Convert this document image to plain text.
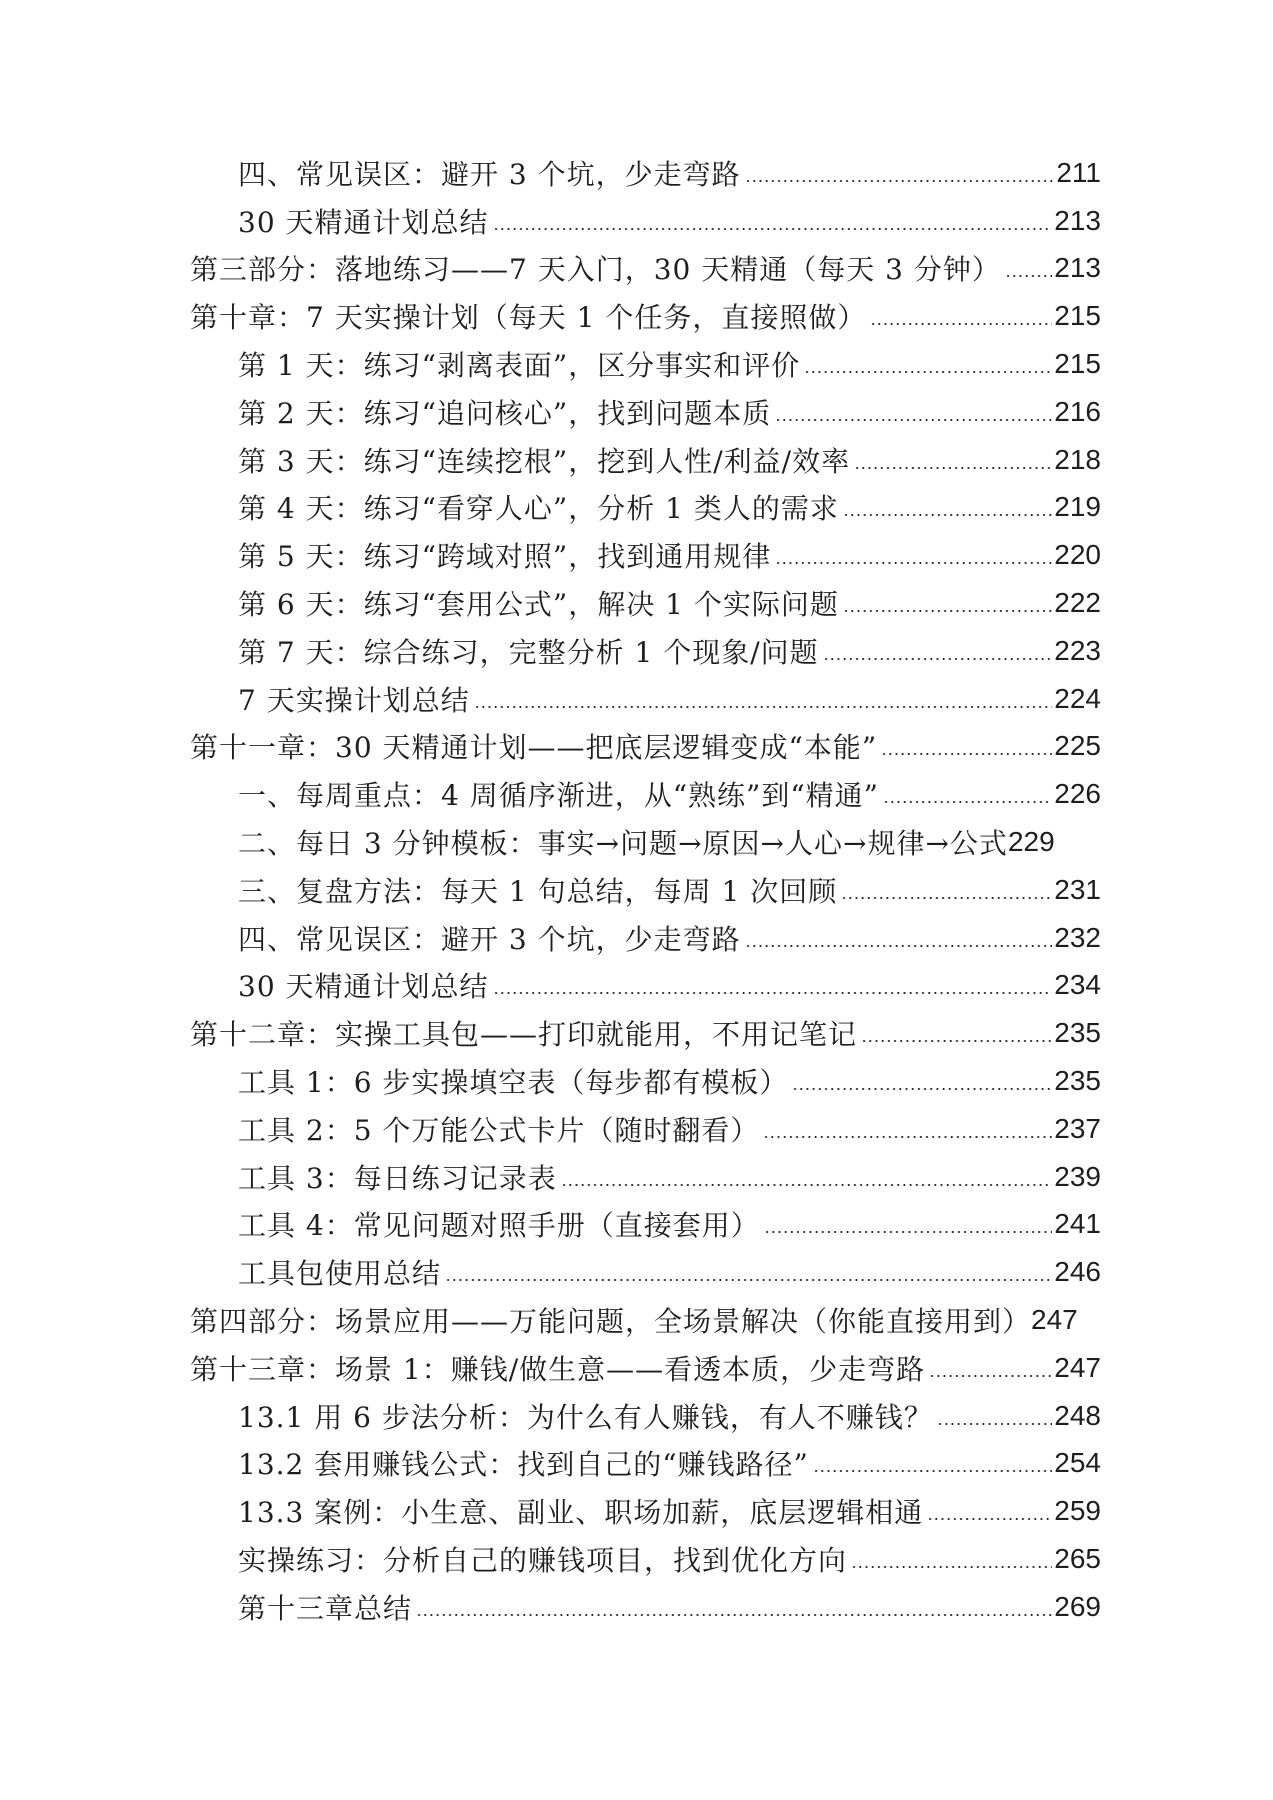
四、常见误区：避开 3 个坑，少走弯路	211
30 天精通计划总结	213
第三部分：落地练习——7 天入门，30 天精通（每天 3 分钟） 213
第十章：7 天实操计划（每天 1 个任务，直接照做）	215
第 1 天：练习“剥离表面”，区分事实和评价	215
第 2 天：练习“追问核心”，找到问题本质	216
第 3 天：练习“连续挖根”，挖到人性/利益/效率	218
第 4 天：练习“看穿人心”，分析 1 类人的需求	219
第 5 天：练习“跨域对照”，找到通用规律	220
第 6 天：练习“套用公式”，解决 1 个实际问题	222
第 7 天：综合练习，完整分析 1 个现象/问题	223
7 天实操计划总结	224
第十一章：30 天精通计划——把底层逻辑变成“本能”	225
一、每周重点：4 周循序渐进，从“熟练”到“精通”	226
二、每日 3 分钟模板：事实→问题→原因→人心→规律→公式 229
三、复盘方法：每天 1 句总结，每周 1 次回顾	231
四、常见误区：避开 3 个坑，少走弯路	232
30 天精通计划总结	234
第十二章：实操工具包——打印就能用，不用记笔记	235
工具 1：6 步实操填空表（每步都有模板）	235
工具 2：5 个万能公式卡片（随时翻看）	237
工具 3：每日练习记录表	239
工具 4：常见问题对照手册（直接套用）	241
工具包使用总结	246
第四部分：场景应用——万能问题，全场景解决（你能直接用到） 247
第十三章：场景 1：赚钱/做生意——看透本质，少走弯路	247
13.1 用 6 步法分析：为什么有人赚钱，有人不赚钱？	248
13.2 套用赚钱公式：找到自己的“赚钱路径”	254
13.3 案例：小生意、副业、职场加薪，底层逻辑相通	259
实操练习：分析自己的赚钱项目，找到优化方向	265
第十三章总结	269
